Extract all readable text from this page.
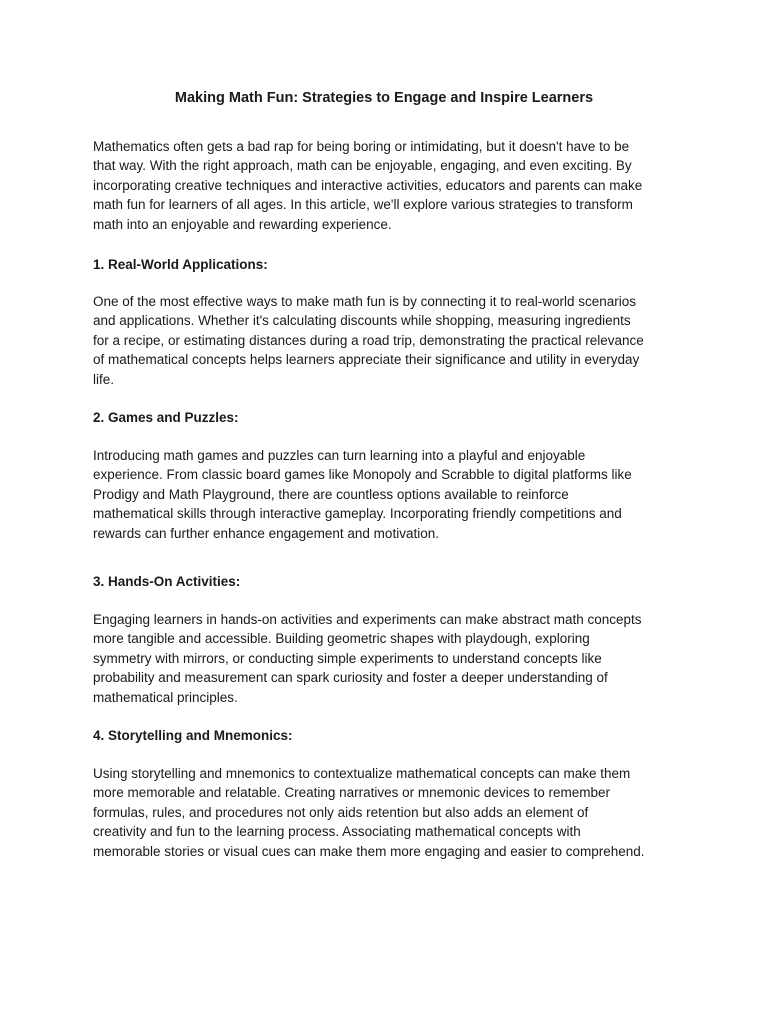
Making Math Fun: Strategies to Engage and Inspire Learners

Mathematics often gets a bad rap for being boring or intimidating, but it doesn't have to be
that way. With the right approach, math can be enjoyable, engaging, and even exciting. By
incorporating creative techniques and interactive activities, educators and parents can make
math fun for learners of all ages. In this article, we'll explore various strategies to transform
math into an enjoyable and rewarding experience.

1. Real-World Applications:

One of the most effective ways to make math fun is by connecting it to real-world scenarios
and applications. Whether it's calculating discounts while shopping, measuring ingredients
for a recipe, or estimating distances during a road trip, demonstrating the practical relevance
of mathematical concepts helps learners appreciate their significance and utility in everyday
life.

2. Games and Puzzles:

Introducing math games and puzzles can turn learning into a playful and enjoyable
experience. From classic board games like Monopoly and Scrabble to digital platforms like
Prodigy and Math Playground, there are countless options available to reinforce
mathematical skills through interactive gameplay. Incorporating friendly competitions and
rewards can further enhance engagement and motivation.

3. Hands-On Activities:

Engaging learners in hands-on activities and experiments can make abstract math concepts
more tangible and accessible. Building geometric shapes with playdough, exploring
symmetry with mirrors, or conducting simple experiments to understand concepts like
probability and measurement can spark curiosity and foster a deeper understanding of
mathematical principles.

4. Storytelling and Mnemonics:

Using storytelling and mnemonics to contextualize mathematical concepts can make them
more memorable and relatable. Creating narratives or mnemonic devices to remember
formulas, rules, and procedures not only aids retention but also adds an element of
creativity and fun to the learning process. Associating mathematical concepts with
memorable stories or visual cues can make them more engaging and easier to comprehend.
